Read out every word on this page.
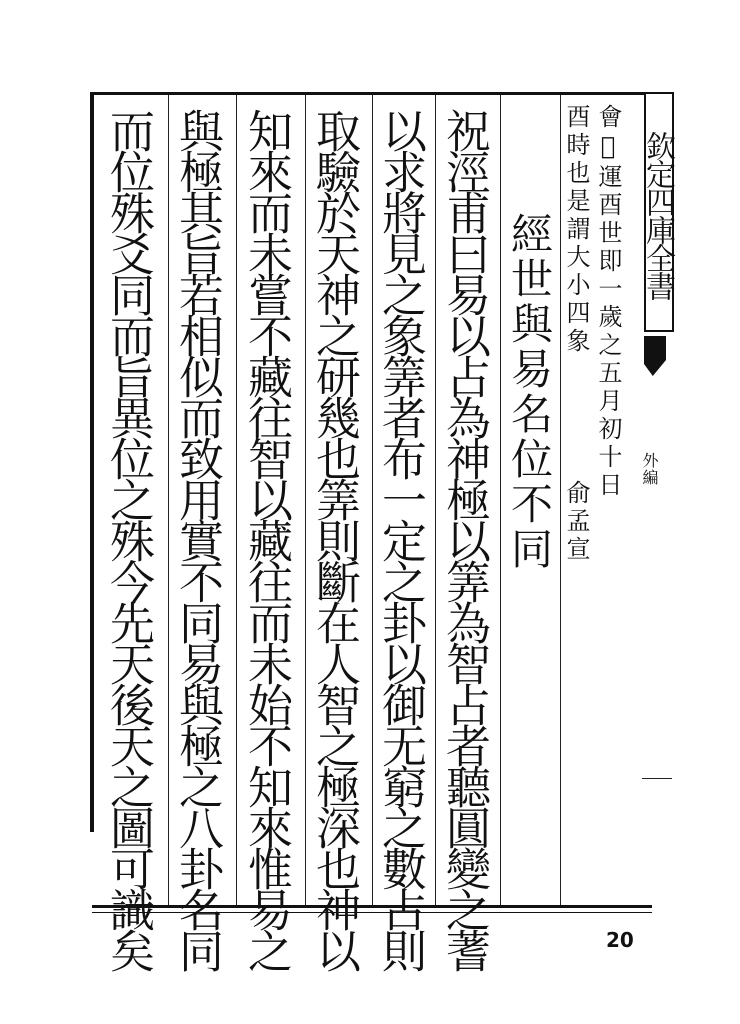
欽定四庫全書
外編
會𠋣運酉世即一歲之五月初十日
酉時也是謂大小四象
俞孟宣
經世與易名位不同
祝涇甫曰易以占為神極以筭為智占者聽圓變之蓍
以求將見之象筭者布一定之卦以御无窮之數占則
取驗於天神之研幾也筭則斷在人智之極深也神以
知來而未嘗不藏往智以藏往而未始不知來惟易之
與極其旨若相似而致用實不同易與極之八卦名同
而位殊爻同而旨異位之殊今先天後天之圖可識矣	20
